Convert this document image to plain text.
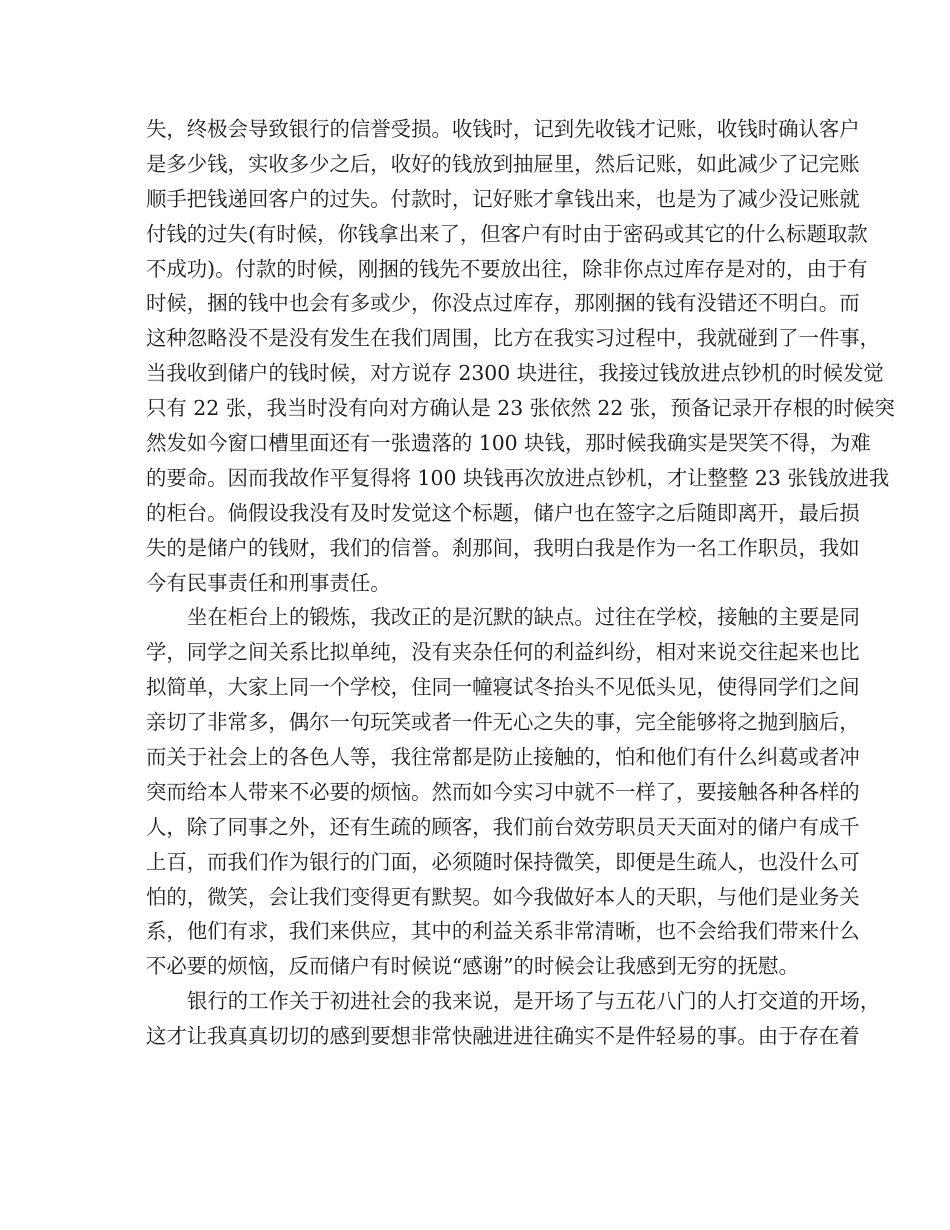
失，终极会导致银行的信誉受损。收钱时，记到先收钱才记账，收钱时确认客户
是多少钱，实收多少之后，收好的钱放到抽屉里，然后记账，如此减少了记完账
顺手把钱递回客户的过失。付款时，记好账才拿钱出来，也是为了减少没记账就
付钱的过失(有时候，你钱拿出来了，但客户有时由于密码或其它的什么标题取款
不成功)。付款的时候，刚捆的钱先不要放出往，除非你点过库存是对的，由于有
时候，捆的钱中也会有多或少，你没点过库存，那刚捆的钱有没错还不明白。而
这种忽略没不是没有发生在我们周围，比方在我实习过程中，我就碰到了一件事，
当我收到储户的钱时候，对方说存 2300 块进往，我接过钱放进点钞机的时候发觉
只有 22 张，我当时没有向对方确认是 23 张依然 22 张，预备记录开存根的时候突
然发如今窗口槽里面还有一张遗落的 100 块钱，那时候我确实是哭笑不得，为难
的要命。因而我故作平复得将 100 块钱再次放进点钞机，才让整整 23 张钱放进我
的柜台。倘假设我没有及时发觉这个标题，储户也在签字之后随即离开，最后损
失的是储户的钱财，我们的信誉。刹那间，我明白我是作为一名工作职员，我如
今有民事责任和刑事责任。
坐在柜台上的锻炼，我改正的是沉默的缺点。过往在学校，接触的主要是同
学，同学之间关系比拟单纯，没有夹杂任何的利益纠纷，相对来说交往起来也比
拟简单，大家上同一个学校，住同一幢寝试冬抬头不见低头见，使得同学们之间
亲切了非常多，偶尔一句玩笑或者一件无心之失的事，完全能够将之抛到脑后，
而关于社会上的各色人等，我往常都是防止接触的，怕和他们有什么纠葛或者冲
突而给本人带来不必要的烦恼。然而如今实习中就不一样了，要接触各种各样的
人，除了同事之外，还有生疏的顾客，我们前台效劳职员天天面对的储户有成千
上百，而我们作为银行的门面，必须随时保持微笑，即便是生疏人，也没什么可
怕的，微笑，会让我们变得更有默契。如今我做好本人的天职，与他们是业务关
系，他们有求，我们来供应，其中的利益关系非常清晰，也不会给我们带来什么
不必要的烦恼，反而储户有时候说“感谢”的时候会让我感到无穷的抚慰。
银行的工作关于初进社会的我来说，是开场了与五花八门的人打交道的开场，
这才让我真真切切的感到要想非常快融进进往确实不是件轻易的事。由于存在着
